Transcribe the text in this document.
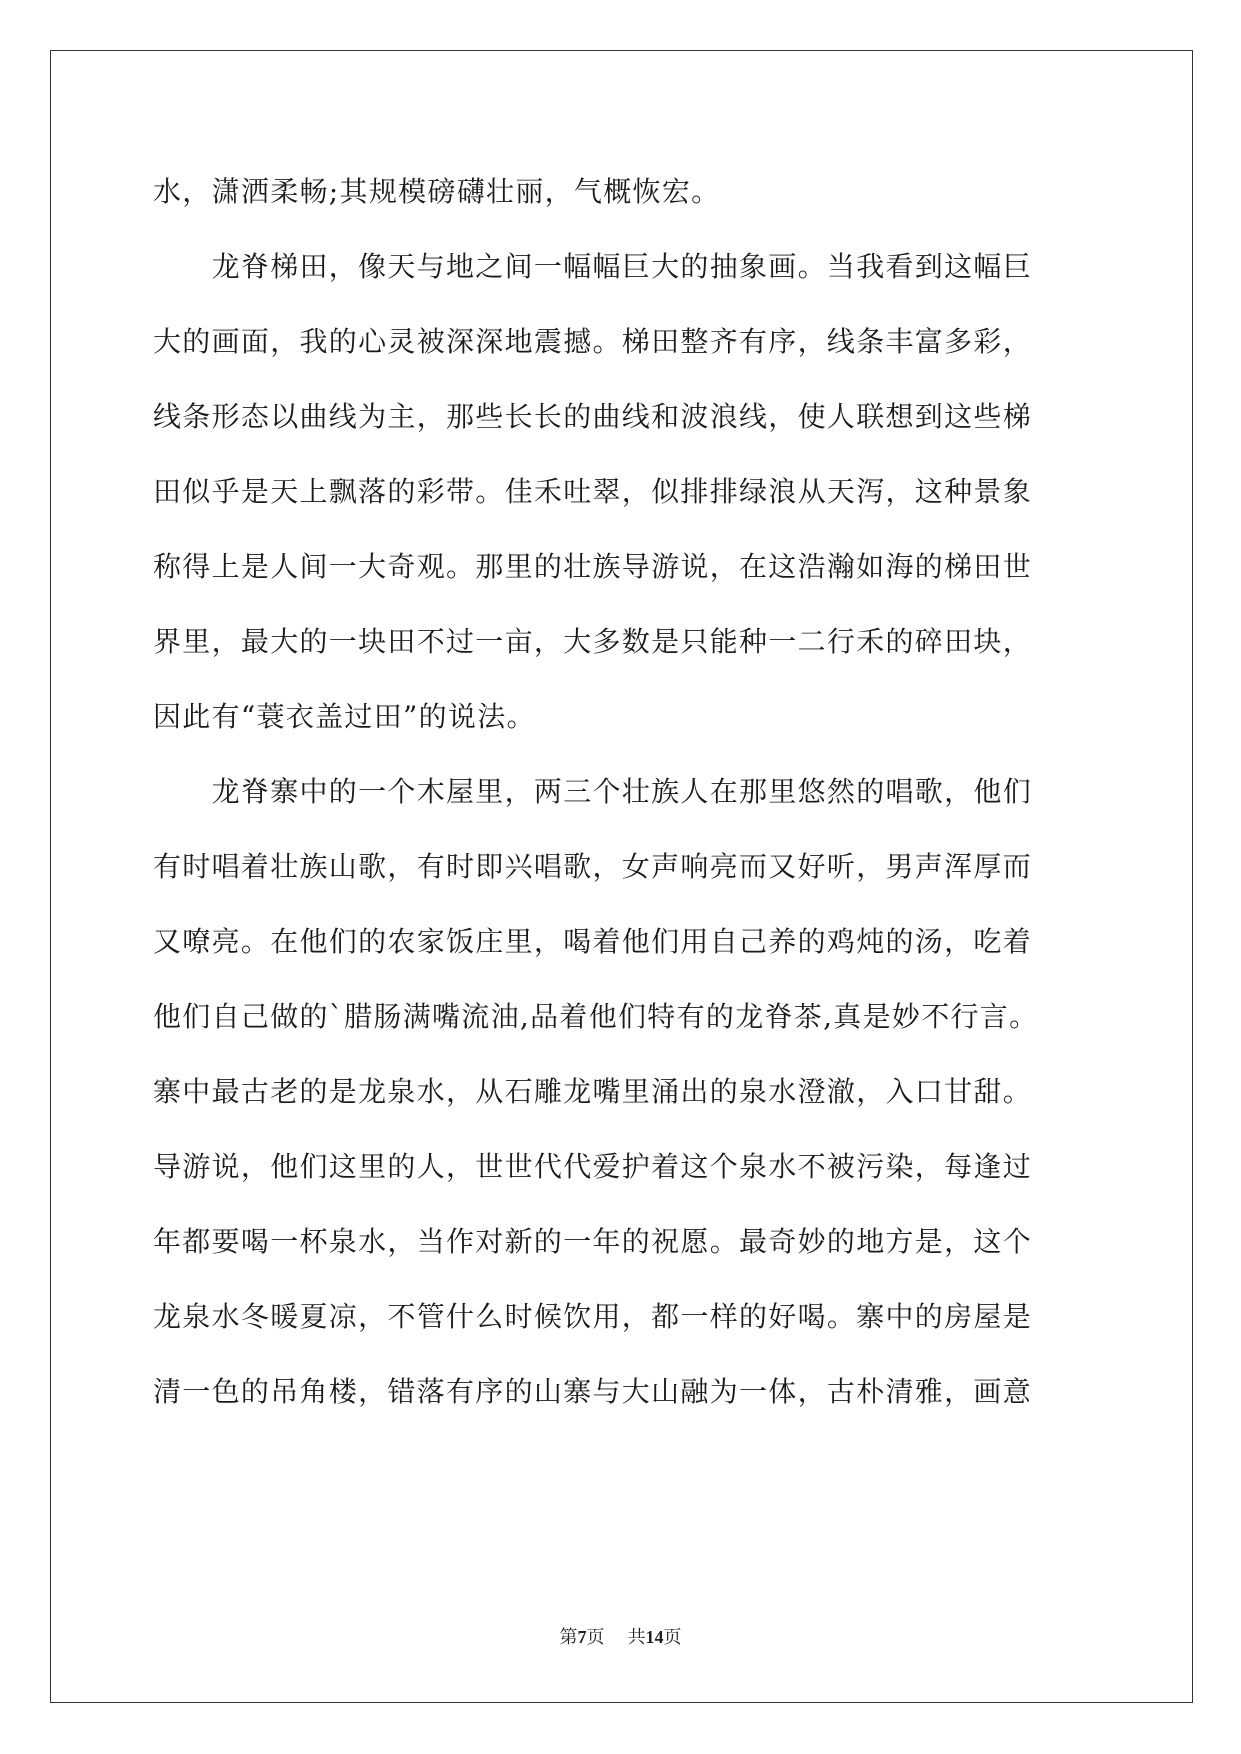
水，潇洒柔畅;其规模磅礴壮丽，气概恢宏。
　　龙脊梯田，像天与地之间一幅幅巨大的抽象画。当我看到这幅巨
大的画面，我的心灵被深深地震撼。梯田整齐有序，线条丰富多彩，
线条形态以曲线为主，那些长长的曲线和波浪线，使人联想到这些梯
田似乎是天上飘落的彩带。佳禾吐翠，似排排绿浪从天泻，这种景象
称得上是人间一大奇观。那里的壮族导游说，在这浩瀚如海的梯田世
界里，最大的一块田不过一亩，大多数是只能种一二行禾的碎田块，
因此有“蓑衣盖过田”的说法。
　　龙脊寨中的一个木屋里，两三个壮族人在那里悠然的唱歌，他们
有时唱着壮族山歌，有时即兴唱歌，女声响亮而又好听，男声浑厚而
又嘹亮。在他们的农家饭庄里，喝着他们用自己养的鸡炖的汤，吃着
他们自己做的`腊肠满嘴流油,品着他们特有的龙脊茶,真是妙不行言。
寨中最古老的是龙泉水，从石雕龙嘴里涌出的泉水澄澈，入口甘甜。
导游说，他们这里的人，世世代代爱护着这个泉水不被污染，每逢过
年都要喝一杯泉水，当作对新的一年的祝愿。最奇妙的地方是，这个
龙泉水冬暖夏凉，不管什么时候饮用，都一样的好喝。寨中的房屋是
清一色的吊角楼，错落有序的山寨与大山融为一体，古朴清雅，画意
第7页 共14页
